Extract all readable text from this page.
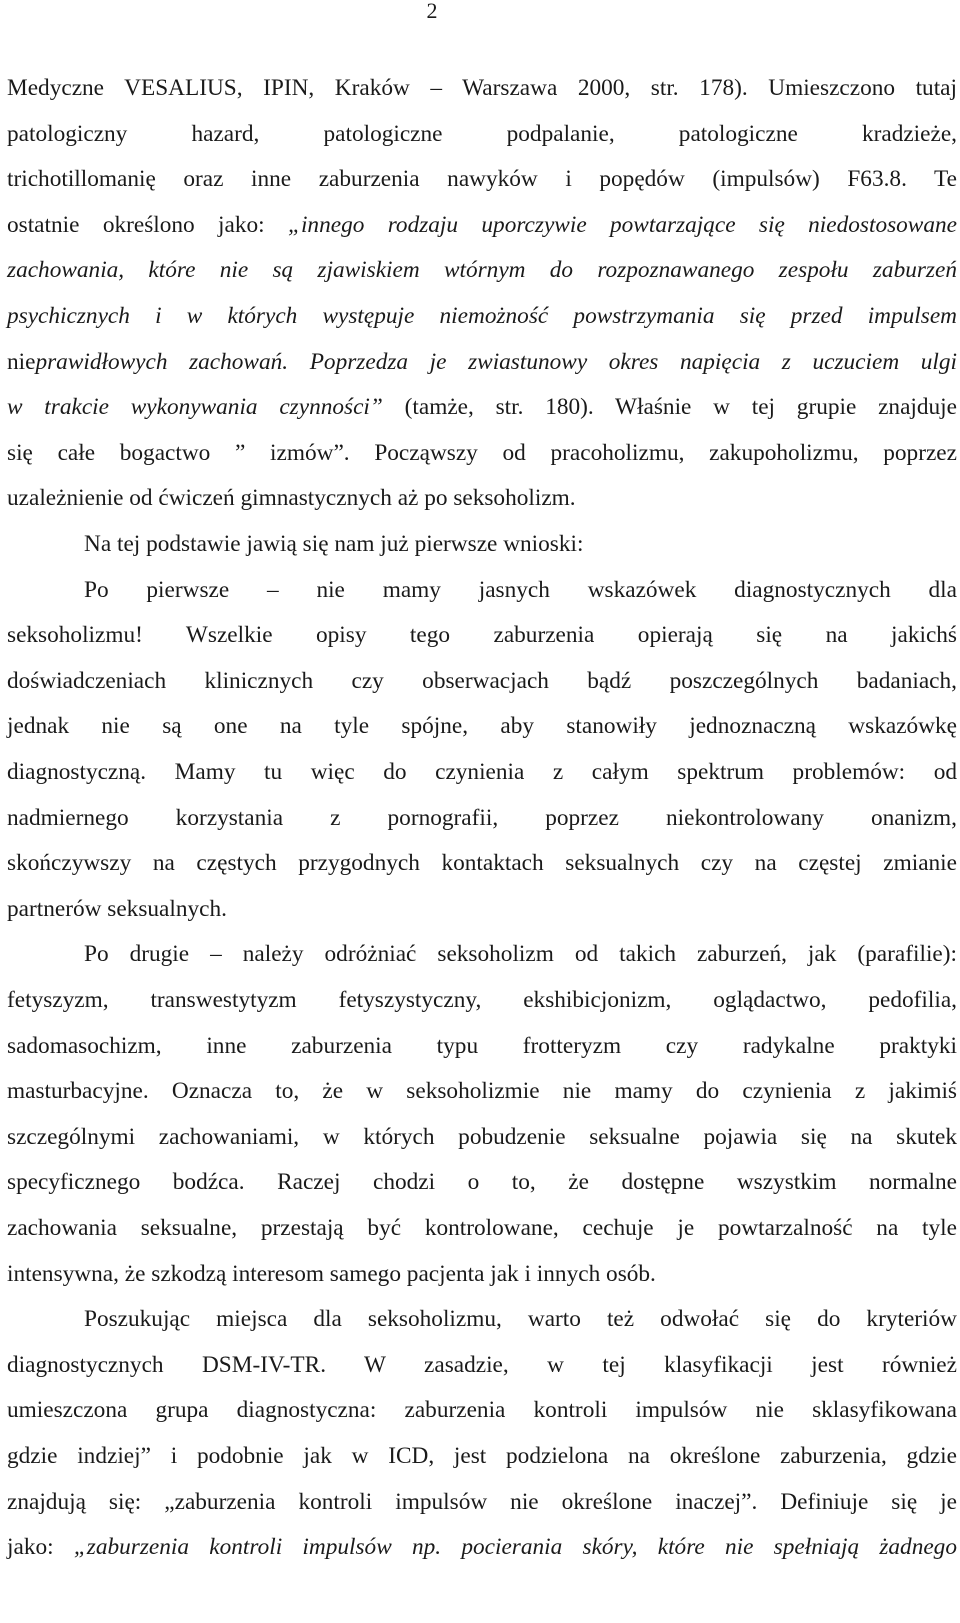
2
Medyczne VESALIUS, IPIN, Kraków – Warszawa 2000, str. 178). Umieszczono tutaj
patologiczny hazard, patologiczne podpalanie, patologiczne kradzieże,
trichotillomanię oraz inne zaburzenia nawyków i popędów (impulsów) F63.8. Te
ostatnie określono jako: „innego rodzaju uporczywie powtarzające się niedostosowane
zachowania, które nie są zjawiskiem wtórnym do rozpoznawanego zespołu zaburzeń
psychicznych i w których występuje niemożność powstrzymania się przed impulsem
nieprawidłowych zachowań. Poprzedza je zwiastunowy okres napięcia z uczuciem ulgi
w trakcie wykonywania czynności” (tamże, str. 180). Właśnie w tej grupie znajduje
się całe bogactwo ” izmów”. Począwszy od pracoholizmu, zakupoholizmu, poprzez
uzależnienie od ćwiczeń gimnastycznych aż po seksoholizm.
Na tej podstawie jawią się nam już pierwsze wnioski:
Po pierwsze – nie mamy jasnych wskazówek diagnostycznych dla
seksoholizmu! Wszelkie opisy tego zaburzenia opierają się na jakichś
doświadczeniach klinicznych czy obserwacjach bądź poszczególnych badaniach,
jednak nie są one na tyle spójne, aby stanowiły jednoznaczną wskazówkę
diagnostyczną. Mamy tu więc do czynienia z całym spektrum problemów: od
nadmiernego korzystania z pornografii, poprzez niekontrolowany onanizm,
skończywszy na częstych przygodnych kontaktach seksualnych czy na częstej zmianie
partnerów seksualnych.
Po drugie – należy odróżniać seksoholizm od takich zaburzeń, jak (parafilie):
fetyszyzm, transwestytyzm fetyszystyczny, ekshibicjonizm, oglądactwo, pedofilia,
sadomasochizm, inne zaburzenia typu frotteryzm czy radykalne praktyki
masturbacyjne. Oznacza to, że w seksoholizmie nie mamy do czynienia z jakimiś
szczególnymi zachowaniami, w których pobudzenie seksualne pojawia się na skutek
specyficznego bodźca. Raczej chodzi o to, że dostępne wszystkim normalne
zachowania seksualne, przestają być kontrolowane, cechuje je powtarzalność na tyle
intensywna, że szkodzą interesom samego pacjenta jak i innych osób.
Poszukując miejsca dla seksoholizmu, warto też odwołać się do kryteriów
diagnostycznych DSM-IV-TR. W zasadzie, w tej klasyfikacji jest również
umieszczona grupa diagnostyczna: zaburzenia kontroli impulsów nie sklasyfikowana
gdzie indziej” i podobnie jak w ICD, jest podzielona na określone zaburzenia, gdzie
znajdują się: „zaburzenia kontroli impulsów nie określone inaczej”. Definiuje się je
jako: „zaburzenia kontroli impulsów np. pocierania skóry, które nie spełniają żadnego
